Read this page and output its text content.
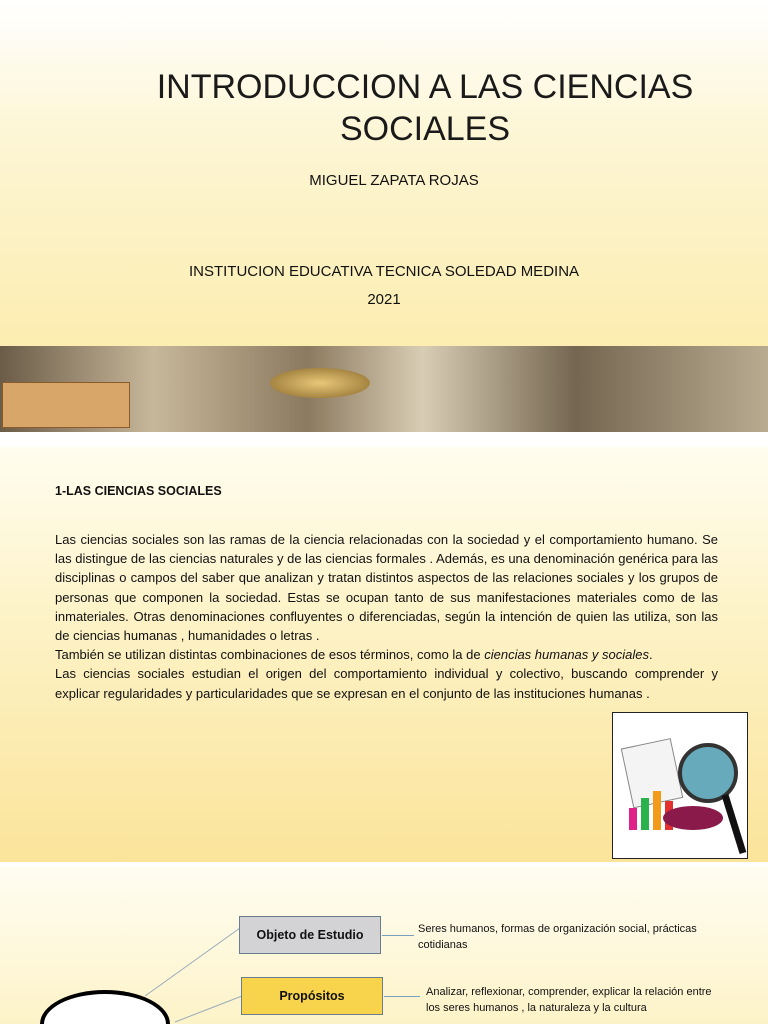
INTRODUCCION A LAS CIENCIAS SOCIALES
MIGUEL ZAPATA ROJAS
INSTITUCION EDUCATIVA TECNICA SOLEDAD MEDINA
2021
1-LAS CIENCIAS SOCIALES

Las ciencias sociales son las ramas de la ciencia relacionadas con la sociedad y el comportamiento humano. Se las distingue de las ciencias naturales y de las ciencias formales . Además, es una denominación genérica para las disciplinas o campos del saber que analizan y tratan distintos aspectos de las relaciones sociales y los grupos de personas que componen la sociedad. Estas se ocupan tanto de sus manifestaciones materiales como de las inmateriales. Otras denominaciones confluyentes o diferenciadas, según la intención de quien las utiliza, son las de ciencias humanas , humanidades o letras .

También se utilizan distintas combinaciones de esos términos, como la de ciencias humanas y sociales.

Las ciencias sociales estudian el origen del comportamiento individual y colectivo, buscando comprender y explicar regularidades y particularidades que se expresan en el conjunto de las instituciones humanas .

Objeto de Estudio	Seres humanos, formas de organización social, prácticas cotidianas
Propósitos	Analizar, reflexionar, comprender, explicar la relación entre los seres humanos , la naturaleza y la cultura
